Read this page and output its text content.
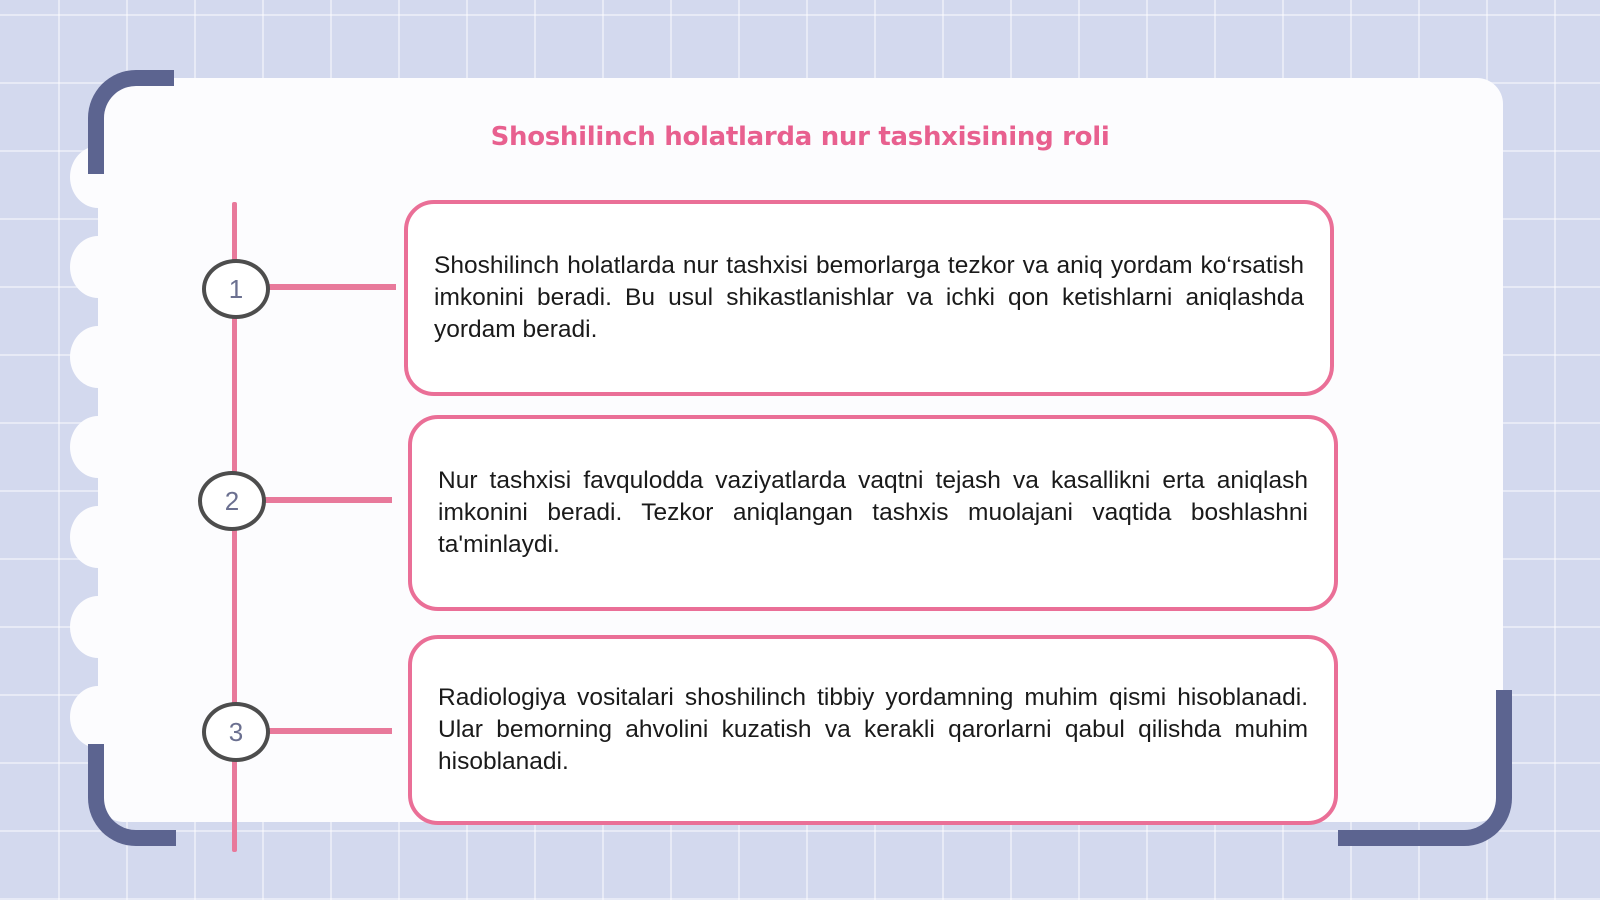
Shoshilinch holatlarda nur tashxisining roli
1
2
3

Shoshilinch holatlarda nur tashxisi bemorlarga tezkor va aniq yordam ko‘rsatish imkonini beradi. Bu usul shikastlanishlar va ichki qon ketishlarni aniqlashda yordam beradi.

Nur tashxisi favqulodda vaziyatlarda vaqtni tejash va kasallikni erta aniqlash imkonini beradi. Tezkor aniqlangan tashxis muolajani vaqtida boshlashni ta'minlaydi.

Radiologiya vositalari shoshilinch tibbiy yordamning muhim qismi hisoblanadi. Ular bemorning ahvolini kuzatish va kerakli qarorlarni qabul qilishda muhim hisoblanadi.
